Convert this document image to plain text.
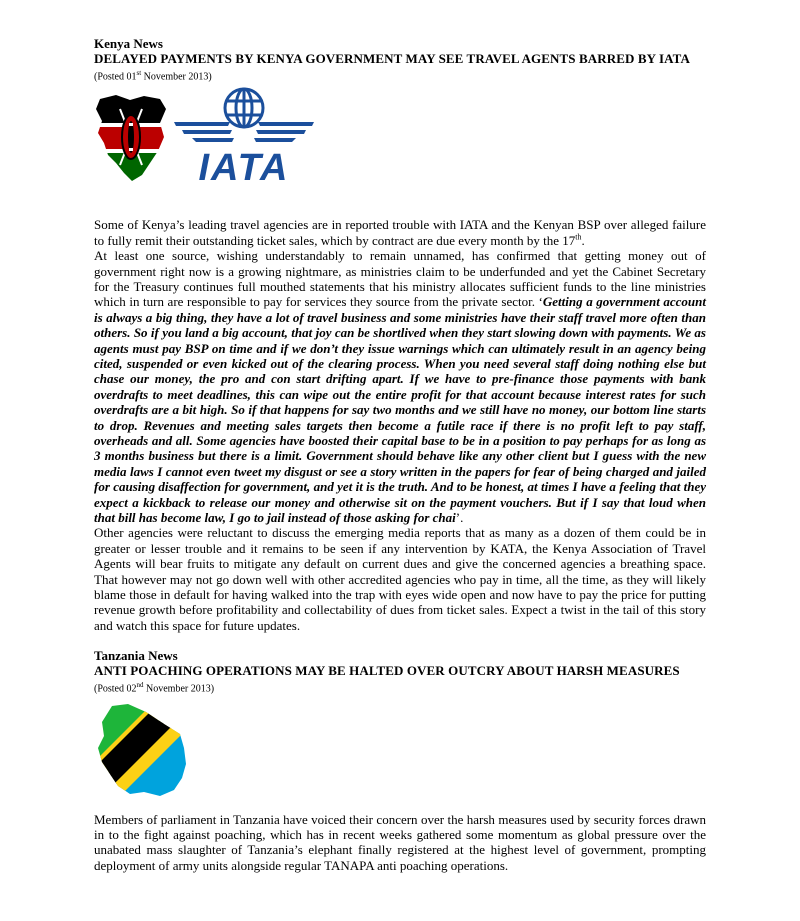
Kenya News
DELAYED PAYMENTS BY KENYA GOVERNMENT MAY SEE TRAVEL AGENTS BARRED BY IATA
(Posted 01st November 2013)
IATA

Some of Kenya’s leading travel agencies are in reported trouble with IATA and the Kenyan BSP over alleged failure to fully remit their outstanding ticket sales, which by contract are due every month by the 17th.

At least one source, wishing understandably to remain unnamed, has confirmed that getting money out of government right now is a growing nightmare, as ministries claim to be underfunded and yet the Cabinet Secretary for the Treasury continues full mouthed statements that his ministry allocates sufficient funds to the line ministries which in turn are responsible to pay for services they source from the private sector. ‘Getting a government account is always a big thing, they have a lot of travel business and some ministries have their staff travel more often than others. So if you land a big account, that joy can be shortlived when they start slowing down with payments. We as agents must pay BSP on time and if we don’t they issue warnings which can ultimately result in an agency being cited, suspended or even kicked out of the clearing process. When you need several staff doing nothing else but chase our money, the pro and con start drifting apart. If we have to pre-finance those payments with bank overdrafts to meet deadlines, this can wipe out the entire profit for that account because interest rates for such overdrafts are a bit high. So if that happens for say two months and we still have no money, our bottom line starts to drop. Revenues and meeting sales targets then become a futile race if there is no profit left to pay staff, overheads and all. Some agencies have boosted their capital base to be in a position to pay perhaps for as long as 3 months business but there is a limit. Government should behave like any other client but I guess with the new media laws I cannot even tweet my disgust or see a story written in the papers for fear of being charged and jailed for causing disaffection for government, and yet it is the truth. And to be honest, at times I have a feeling that they expect a kickback to release our money and otherwise sit on the payment vouchers. But if I say that loud when that bill has become law, I go to jail instead of those asking for chai’.

Other agencies were reluctant to discuss the emerging media reports that as many as a dozen of them could be in greater or lesser trouble and it remains to be seen if any intervention by KATA, the Kenya Association of Travel Agents will bear fruits to mitigate any default on current dues and give the concerned agencies a breathing space. That however may not go down well with other accredited agencies who pay in time, all the time, as they will likely blame those in default for having walked into the trap with eyes wide open and now have to pay the price for putting revenue growth before profitability and collectability of dues from ticket sales. Expect a twist in the tail of this story and watch this space for future updates.

Tanzania News
ANTI POACHING OPERATIONS MAY BE HALTED OVER OUTCRY ABOUT HARSH MEASURES
(Posted 02nd November 2013)

Members of parliament in Tanzania have voiced their concern over the harsh measures used by security forces drawn in to the fight against poaching, which has in recent weeks gathered some momentum as global pressure over the unabated mass slaughter of Tanzania’s elephant finally registered at the highest level of government, prompting deployment of army units alongside regular TANAPA anti poaching operations.
